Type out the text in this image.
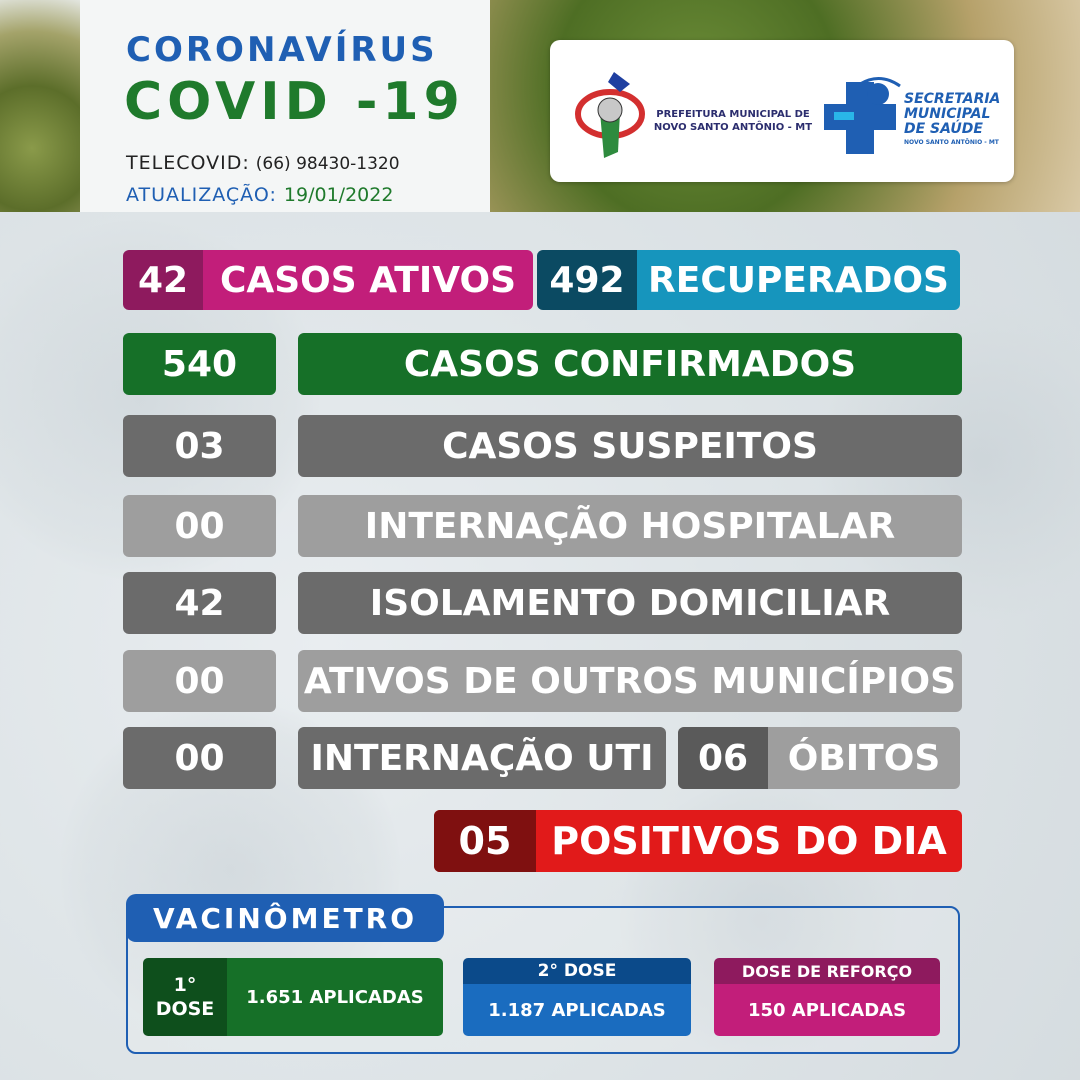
CORONAVÍRUS
COVID -19
TELECOVID: (66) 98430-1320
ATUALIZAÇÃO: 19/01/2022
PREFEITURA MUNICIPAL DE
NOVO SANTO ANTÔNIO - MT
SECRETARIA
MUNICIPAL
DE SAÚDE
NOVO SANTO ANTÔNIO - MT
42 CASOS ATIVOS 492 RECUPERADOS
540	CASOS CONFIRMADOS
03	CASOS SUSPEITOS
00	INTERNAÇÃO HOSPITALAR
42	ISOLAMENTO DOMICILIAR
00	ATIVOS DE OUTROS MUNICÍPIOS
00	INTERNAÇÃO UTI	06	ÓBITOS
05	POSITIVOS DO DIA
VACINÔMETRO
1°
DOSE
1.651 APLICADAS
2° DOSE
1.187 APLICADAS
DOSE DE REFORÇO
150 APLICADAS
